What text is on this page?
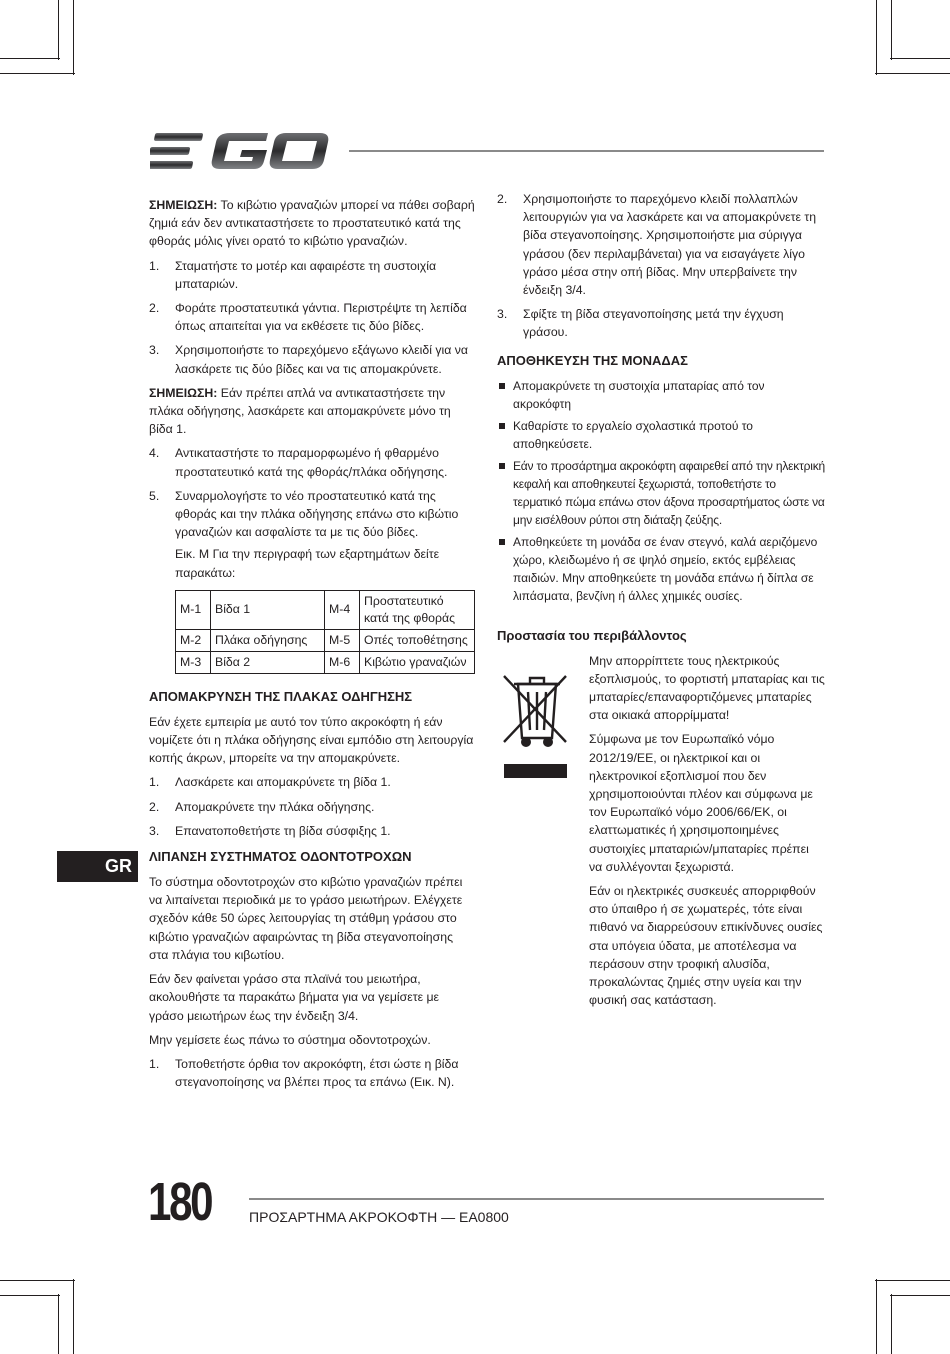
ΣΗΜΕΙΩΣΗ: Το κιβώτιο γραναζιών μπορεί να πάθει σοβαρή ζημιά εάν δεν αντικαταστήσετε το προστατευτικό κατά της φθοράς μόλις γίνει ορατό το κιβώτιο γραναζιών.

1. Σταματήστε το μοτέρ και αφαιρέστε τη συστοιχία μπαταριών.
2. Φοράτε προστατευτικά γάντια. Περιστρέψτε τη λεπίδα όπως απαιτείται για να εκθέσετε τις δύο βίδες.
3. Χρησιμοποιήστε το παρεχόμενο εξάγωνο κλειδί για να λασκάρετε τις δύο βίδες και να τις απομακρύνετε.

ΣΗΜΕΙΩΣΗ: Εάν πρέπει απλά να αντικαταστήσετε την πλάκα οδήγησης, λασκάρετε και απομακρύνετε μόνο τη βίδα 1.

4. Αντικαταστήστε το παραμορφωμένο ή φθαρμένο προστατευτικό κατά της φθοράς/πλάκα οδήγησης.
5. Συναρμολογήστε το νέο προστατευτικό κατά της φθοράς και την πλάκα οδήγησης επάνω στο κιβώτιο γραναζιών και ασφαλίστε τα με τις δύο βίδες.

Εικ. M Για την περιγραφή των εξαρτημάτων δείτε παρακάτω:

M-1	Βίδα 1	M-4	Προστατευτικό κατά της φθοράς
M-2	Πλάκα οδήγησης	M-5	Οπές τοποθέτησης
M-3	Βίδα 2	M-6	Κιβώτιο γραναζιών
ΑΠΟΜΑΚΡΥΝΣΗ ΤΗΣ ΠΛΑΚΑΣ ΟΔΗΓΗΣΗΣ

Εάν έχετε εμπειρία με αυτό τον τύπο ακροκόφτη ή εάν νομίζετε ότι η πλάκα οδήγησης είναι εμπόδιο στη λειτουργία κοπής άκρων, μπορείτε να την απομακρύνετε.

1. Λασκάρετε και απομακρύνετε τη βίδα 1.
2. Απομακρύνετε την πλάκα οδήγησης.
3. Επανατοποθετήστε τη βίδα σύσφιξης 1.
ΛΙΠΑΝΣΗ ΣΥΣΤΗΜΑΤΟΣ ΟΔΟΝΤΟΤΡΟΧΩΝ

Το σύστημα οδοντοτροχών στο κιβώτιο γραναζιών πρέπει να λιπαίνεται περιοδικά με το γράσο μειωτήρων. Ελέγχετε σχεδόν κάθε 50 ώρες λειτουργίας τη στάθμη γράσου στο κιβώτιο γραναζιών αφαιρώντας τη βίδα στεγανοποίησης στα πλάγια του κιβωτίου.

Εάν δεν φαίνεται γράσο στα πλαϊνά του μειωτήρα, ακολουθήστε τα παρακάτω βήματα για να γεμίσετε με γράσο μειωτήρων έως την ένδειξη 3/4.

Μην γεμίσετε έως πάνω το σύστημα οδοντοτροχών.

1. Τοποθετήστε όρθια τον ακροκόφτη, έτσι ώστε η βίδα στεγανοποίησης να βλέπει προς τα επάνω (Εικ. N).
2. Χρησιμοποιήστε το παρεχόμενο κλειδί πολλαπλών λειτουργιών για να λασκάρετε και να απομακρύνετε τη βίδα στεγανοποίησης. Χρησιμοποιήστε μια σύριγγα γράσου (δεν περιλαμβάνεται) για να εισαγάγετε λίγο γράσο μέσα στην οπή βίδας. Μην υπερβαίνετε την ένδειξη 3/4.
3. Σφίξτε τη βίδα στεγανοποίησης μετά την έγχυση γράσου.
ΑΠΟΘΗΚΕΥΣΗ ΤΗΣ ΜΟΝΑΔΑΣ
Απομακρύνετε τη συστοιχία μπαταρίας από τον ακροκόφτη
Καθαρίστε το εργαλείο σχολαστικά προτού το αποθηκεύσετε.
Εάν το προσάρτημα ακροκόφτη αφαιρεθεί από την ηλεκτρική κεφαλή και αποθηκευτεί ξεχωριστά, τοποθετήστε το τερματικό πώμα επάνω στον άξονα προσαρτήματος ώστε να μην εισέλθουν ρύποι στη διάταξη ζεύξης.
Αποθηκεύετε τη μονάδα σε έναν στεγνό, καλά αεριζόμενο χώρο, κλειδωμένο ή σε ψηλό σημείο, εκτός εμβέλειας παιδιών. Μην αποθηκεύετε τη μονάδα επάνω ή δίπλα σε λιπάσματα, βενζίνη ή άλλες χημικές ουσίες.
Προστασία του περιβάλλοντος

Μην απορρίπτετε τους ηλεκτρικούς εξοπλισμούς, το φορτιστή μπαταρίας και τις μπαταρίες/επαναφορτιζόμενες μπαταρίες στα οικιακά απορρίμματα!

Σύμφωνα με τον Ευρωπαϊκό νόμο 2012/19/ΕΕ, οι ηλεκτρικοί και οι ηλεκτρονικοί εξοπλισμοί που δεν χρησιμοποιούνται πλέον και σύμφωνα με τον Ευρωπαϊκό νόμο 2006/66/ΕΚ, οι ελαττωματικές ή χρησιμοποιημένες συστοιχίες μπαταριών/μπαταρίες πρέπει να συλλέγονται ξεχωριστά.

Εάν οι ηλεκτρικές συσκευές απορριφθούν στο ύπαιθρο ή σε χωματερές, τότε είναι πιθανό να διαρρεύσουν επικίνδυνες ουσίες στα υπόγεια ύδατα, με αποτέλεσμα να περάσουν στην τροφική αλυσίδα, προκαλώντας ζημιές στην υγεία και την φυσική σας κατάσταση.

GR
180	ΠΡΟΣΑΡΤΗΜΑ ΑΚΡΟΚΟΦΤΗ — EA0800
